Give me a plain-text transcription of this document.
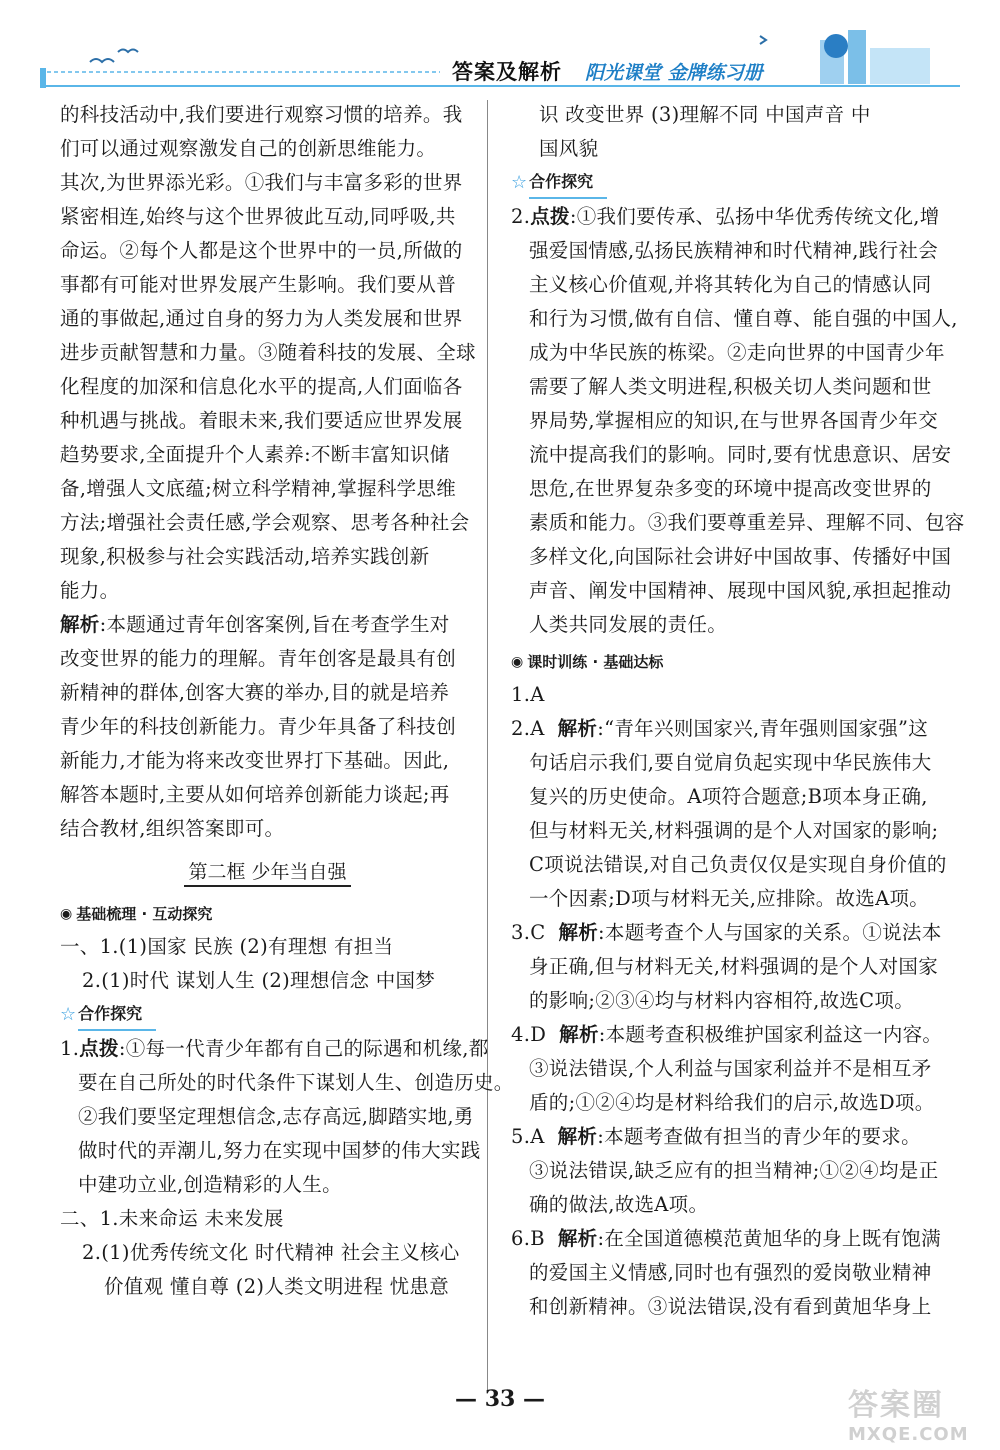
答案及解析 阳光课堂 金牌练习册
的科技活动中,我们要进行观察习惯的培养。我
们可以通过观察激发自己的创新思维能力。
其次,为世界添光彩。①我们与丰富多彩的世界
紧密相连,始终与这个世界彼此互动,同呼吸,共
命运。②每个人都是这个世界中的一员,所做的
事都有可能对世界发展产生影响。我们要从普
通的事做起,通过自身的努力为人类发展和世界
进步贡献智慧和力量。③随着科技的发展、全球
化程度的加深和信息化水平的提高,人们面临各
种机遇与挑战。着眼未来,我们要适应世界发展
趋势要求,全面提升个人素养:不断丰富知识储
备,增强人文底蕴;树立科学精神,掌握科学思维
方法;增强社会责任感,学会观察、思考各种社会
现象,积极参与社会实践活动,培养实践创新
能力。
解析:本题通过青年创客案例,旨在考查学生对
改变世界的能力的理解。青年创客是最具有创
新精神的群体,创客大赛的举办,目的就是培养
青少年的科技创新能力。青少年具备了科技创
新能力,才能为将来改变世界打下基础。因此,
解答本题时,主要从如何培养创新能力谈起;再
结合教材,组织答案即可。
第二框 少年当自强
◉ 基础梳理 · 互动探究
一、1.(1)国家 民族 (2)有理想 有担当
2.(1)时代 谋划人生 (2)理想信念 中国梦
☆ 合作探究
1.点拨:①每一代青少年都有自己的际遇和机缘,都
要在自己所处的时代条件下谋划人生、创造历史。
②我们要坚定理想信念,志存高远,脚踏实地,勇
做时代的弄潮儿,努力在实现中国梦的伟大实践
中建功立业,创造精彩的人生。
二、1.未来命运 未来发展
2.(1)优秀传统文化 时代精神 社会主义核心
价值观 懂自尊 (2)人类文明进程 忧患意
识 改变世界 (3)理解不同 中国声音 中
国风貌
☆ 合作探究
2.点拨:①我们要传承、弘扬中华优秀传统文化,增
强爱国情感,弘扬民族精神和时代精神,践行社会
主义核心价值观,并将其转化为自己的情感认同
和行为习惯,做有自信、懂自尊、能自强的中国人,
成为中华民族的栋梁。②走向世界的中国青少年
需要了解人类文明进程,积极关切人类问题和世
界局势,掌握相应的知识,在与世界各国青少年交
流中提高我们的影响。同时,要有忧患意识、居安
思危,在世界复杂多变的环境中提高改变世界的
素质和能力。③我们要尊重差异、理解不同、包容
多样文化,向国际社会讲好中国故事、传播好中国
声音、阐发中国精神、展现中国风貌,承担起推动
人类共同发展的责任。
◉ 课时训练 · 基础达标
1.A
2.A 解析:“青年兴则国家兴,青年强则国家强”这
句话启示我们,要自觉肩负起实现中华民族伟大
复兴的历史使命。A项符合题意;B项本身正确,
但与材料无关,材料强调的是个人对国家的影响;
C项说法错误,对自己负责仅仅是实现自身价值的
一个因素;D项与材料无关,应排除。故选A项。
3.C 解析:本题考查个人与国家的关系。①说法本
身正确,但与材料无关,材料强调的是个人对国家
的影响;②③④均与材料内容相符,故选C项。
4.D 解析:本题考查积极维护国家利益这一内容。
③说法错误,个人利益与国家利益并不是相互矛
盾的;①②④均是材料给我们的启示,故选D项。
5.A 解析:本题考查做有担当的青少年的要求。
③说法错误,缺乏应有的担当精神;①②④均是正
确的做法,故选A项。
6.B 解析:在全国道德模范黄旭华的身上既有饱满
的爱国主义情感,同时也有强烈的爱岗敬业精神
和创新精神。③说法错误,没有看到黄旭华身上
— 33 —	答案圈
MXQE.COM
